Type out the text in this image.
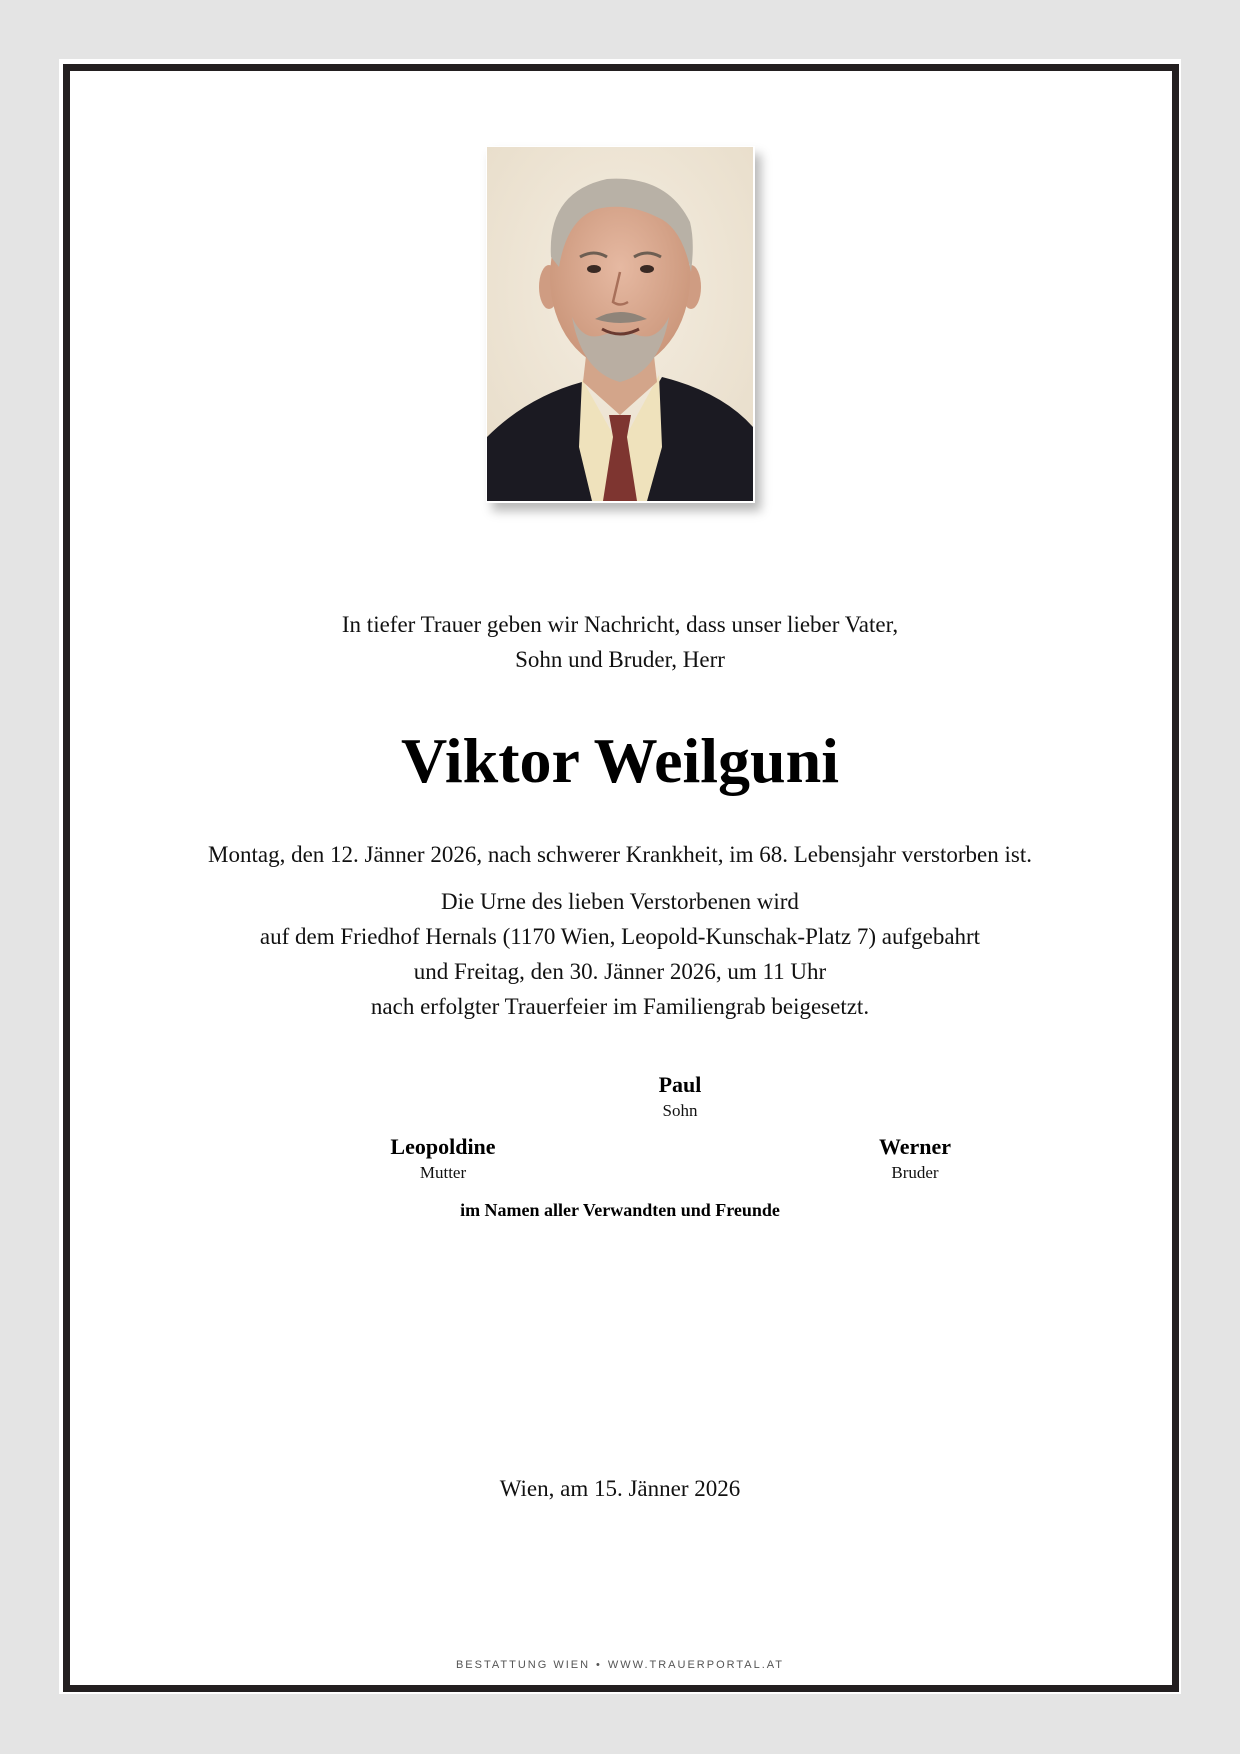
In tiefer Trauer geben wir Nachricht, dass unser lieber Vater,
Sohn und Bruder, Herr
Viktor Weilguni
Montag, den 12. Jänner 2026, nach schwerer Krankheit, im 68. Lebensjahr verstorben ist.
Die Urne des lieben Verstorbenen wird
auf dem Friedhof Hernals (1170 Wien, Leopold-Kunschak-Platz 7) aufgebahrt
und Freitag, den 30. Jänner 2026, um 11 Uhr
nach erfolgter Trauerfeier im Familiengrab beigesetzt.
Paul
Sohn
Leopoldine
Mutter
Werner
Bruder
im Namen aller Verwandten und Freunde
Wien, am 15. Jänner 2026
BESTATTUNG WIEN • WWW.TRAUERPORTAL.AT
